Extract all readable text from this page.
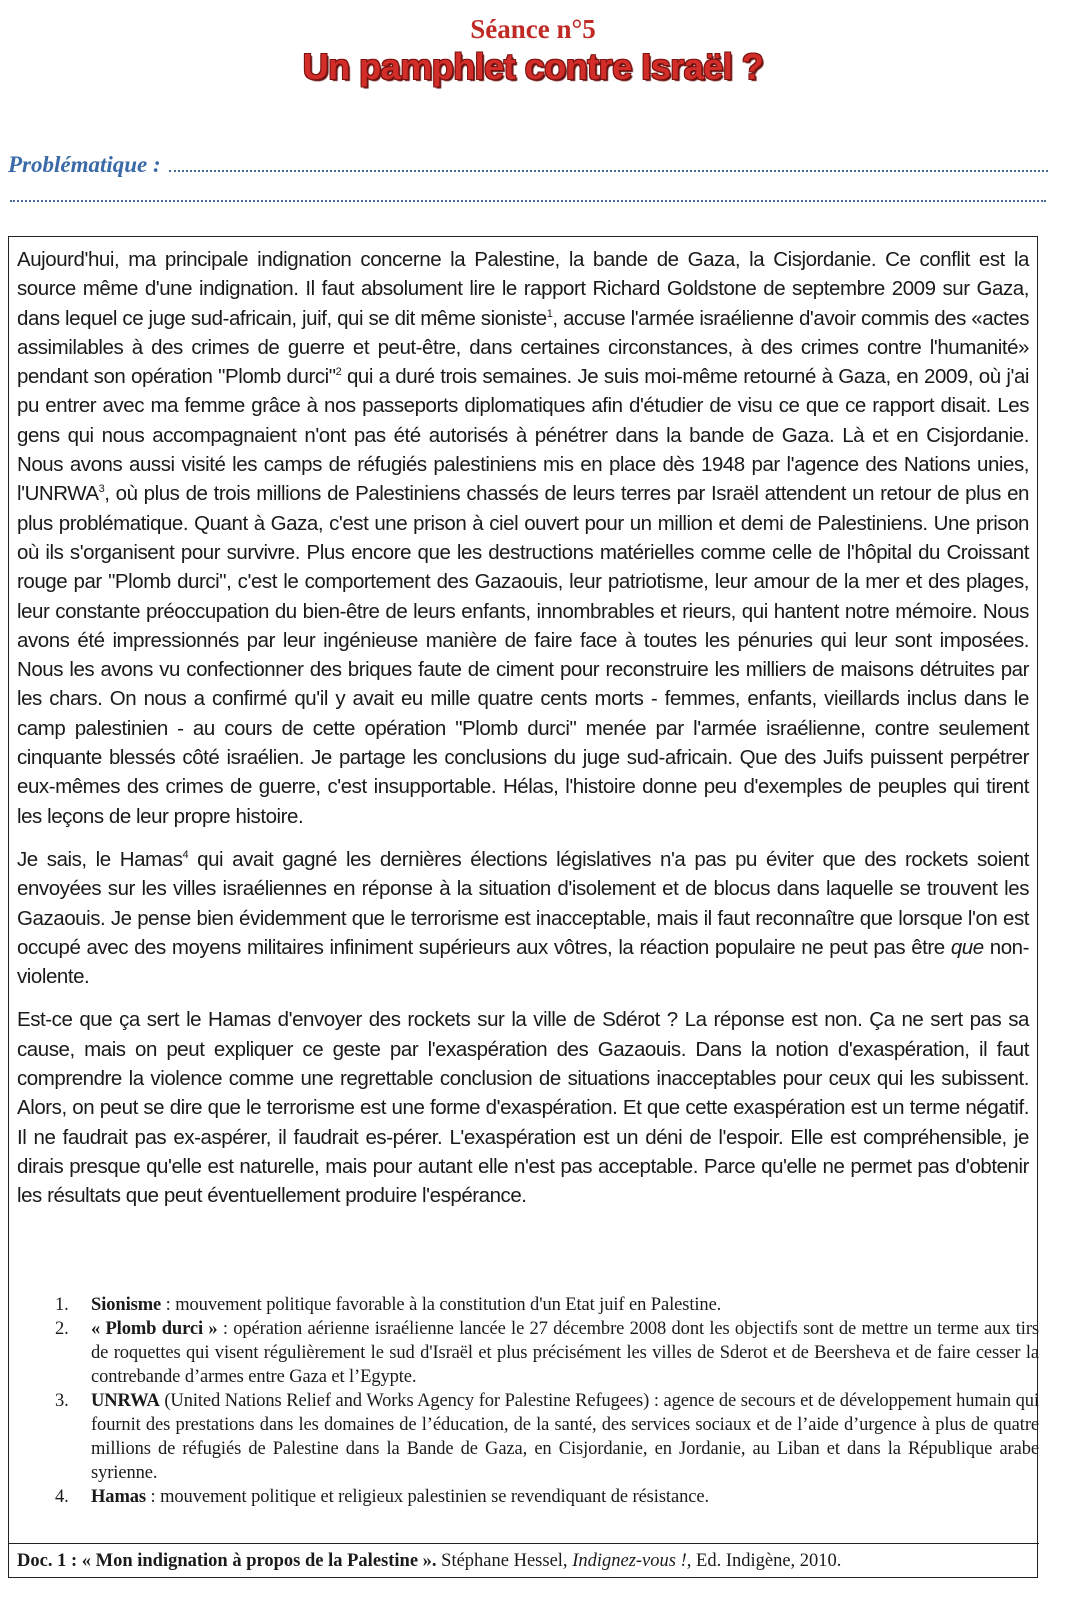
Séance n°5
Un pamphlet contre Israël ?
Problématique :

Aujourd'hui, ma principale indignation concerne la Palestine, la bande de Gaza, la Cisjordanie. Ce conflit est la source même d'une indignation. Il faut absolument lire le rapport Richard Goldstone de septembre 2009 sur Gaza, dans lequel ce juge sud-africain, juif, qui se dit même sioniste$^1$, accuse l'armée israélienne d'avoir commis des «actes assimilables à des crimes de guerre et peut-être, dans certaines circonstances, à des crimes contre l'humanité» pendant son opération "Plomb durci"$^2$ qui a duré trois semaines. Je suis moi-même retourné à Gaza, en 2009, où j'ai pu entrer avec ma femme grâce à nos passeports diplomatiques afin d'étudier de visu ce que ce rapport disait. Les gens qui nous accompagnaient n'ont pas été autorisés à pénétrer dans la bande de Gaza. Là et en Cisjordanie. Nous avons aussi visité les camps de réfugiés palestiniens mis en place dès 1948 par l'agence des Nations unies, l'UNRWA$^3$, où plus de trois millions de Palestiniens chassés de leurs terres par Israël attendent un retour de plus en plus problématique. Quant à Gaza, c'est une prison à ciel ouvert pour un million et demi de Palestiniens. Une prison où ils s'organisent pour survivre. Plus encore que les destructions matérielles comme celle de l'hôpital du Croissant rouge par "Plomb durci", c'est le comportement des Gazaouis, leur patriotisme, leur amour de la mer et des plages, leur constante préoccupation du bien-être de leurs enfants, innombrables et rieurs, qui hantent notre mémoire. Nous avons été impressionnés par leur ingénieuse manière de faire face à toutes les pénuries qui leur sont imposées. Nous les avons vu confectionner des briques faute de ciment pour reconstruire les milliers de maisons détruites par les chars. On nous a confirmé qu'il y avait eu mille quatre cents morts - femmes, enfants, vieillards inclus dans le camp palestinien - au cours de cette opération "Plomb durci" menée par l'armée israélienne, contre seulement cinquante blessés côté israélien. Je partage les conclusions du juge sud-africain. Que des Juifs puissent perpétrer eux-mêmes des crimes de guerre, c'est insupportable. Hélas, l'histoire donne peu d'exemples de peuples qui tirent les leçons de leur propre histoire.

Je sais, le Hamas$^4$ qui avait gagné les dernières élections législatives n'a pas pu éviter que des rockets soient envoyées sur les villes israéliennes en réponse à la situation d'isolement et de blocus dans laquelle se trouvent les Gazaouis. Je pense bien évidemment que le terrorisme est inacceptable, mais il faut reconnaître que lorsque l'on est occupé avec des moyens militaires infiniment supérieurs aux vôtres, la réaction populaire ne peut pas être que non-violente.

Est-ce que ça sert le Hamas d'envoyer des rockets sur la ville de Sdérot ? La réponse est non. Ça ne sert pas sa cause, mais on peut expliquer ce geste par l'exaspération des Gazaouis. Dans la notion d'exaspération, il faut comprendre la violence comme une regrettable conclusion de situations inacceptables pour ceux qui les subissent. Alors, on peut se dire que le terrorisme est une forme d'exaspération. Et que cette exaspération est un terme négatif. Il ne faudrait pas ex-aspérer, il faudrait es-pérer. L'exaspération est un déni de l'espoir. Elle est compréhensible, je dirais presque qu'elle est naturelle, mais pour autant elle n'est pas acceptable. Parce qu'elle ne permet pas d'obtenir les résultats que peut éventuellement produire l'espérance.

1.	Sionisme : mouvement politique favorable à la constitution d'un Etat juif en Palestine.
2.	« Plomb durci » : opération aérienne israélienne lancée le 27 décembre 2008 dont les objectifs sont de mettre un terme aux tirs de roquettes qui visent régulièrement le sud d'Israël et plus précisément les villes de Sderot et de Beersheva et de faire cesser la contrebande d’armes entre Gaza et l’Egypte.
3.	UNRWA (United Nations Relief and Works Agency for Palestine Refugees) : agence de secours et de développement humain qui fournit des prestations dans les domaines de l’éducation, de la santé, des services sociaux et de l’aide d’urgence à plus de quatre millions de réfugiés de Palestine dans la Bande de Gaza, en Cisjordanie, en Jordanie, au Liban et dans la République arabe syrienne.
4.	Hamas : mouvement politique et religieux palestinien se revendiquant de résistance.
Doc. 1 : « Mon indignation à propos de la Palestine ». Stéphane Hessel, Indignez-vous !, Ed. Indigène, 2010.
